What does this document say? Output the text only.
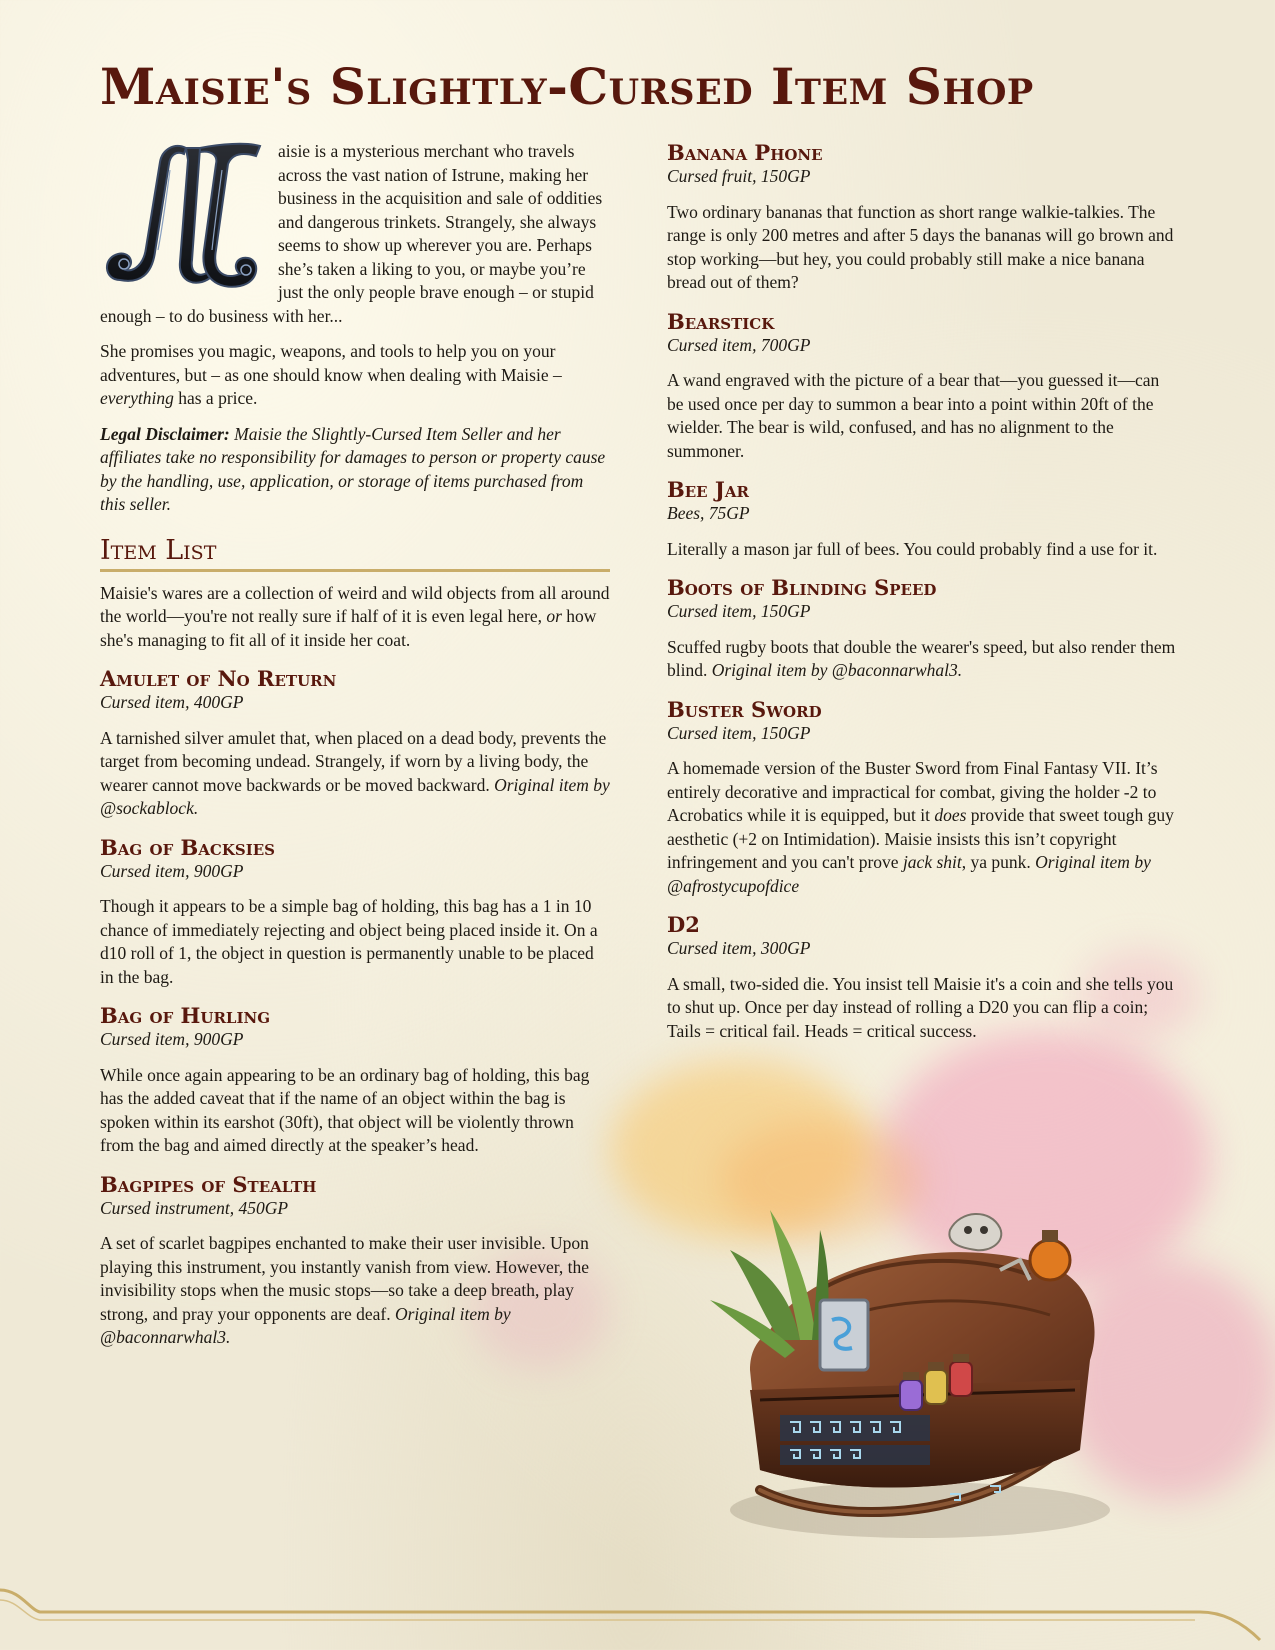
Maisie's Slightly-Cursed Item Shop

aisie is a mysterious merchant who travels across the vast nation of Istrune, making her business in the acquisition and sale of oddities and dangerous trinkets. Strangely, she always seems to show up wherever you are. Perhaps she’s taken a liking to you, or maybe you’re just the only people brave enough – or stupid enough – to do business with her...

She promises you magic, weapons, and tools to help you on your adventures, but – as one should know when dealing with Maisie – everything has a price.

Legal Disclaimer: Maisie the Slightly-Cursed Item Seller and her affiliates take no responsibility for damages to person or property cause by the handling, use, application, or storage of items purchased from this seller.

Item List

Maisie's wares are a collection of weird and wild objects from all around the world—you're not really sure if half of it is even legal here, or how she's managing to fit all of it inside her coat.

Amulet of No Return
Cursed item, 400GP

A tarnished silver amulet that, when placed on a dead body, prevents the target from becoming undead. Strangely, if worn by a living body, the wearer cannot move backwards or be moved backward. Original item by @sockablock.

Bag of Backsies
Cursed item, 900GP

Though it appears to be a simple bag of holding, this bag has a 1 in 10 chance of immediately rejecting and object being placed inside it. On a d10 roll of 1, the object in question is permanently unable to be placed in the bag.

Bag of Hurling
Cursed item, 900GP

While once again appearing to be an ordinary bag of holding, this bag has the added caveat that if the name of an object within the bag is spoken within its earshot (30ft), that object will be violently thrown from the bag and aimed directly at the speaker’s head.

Bagpipes of Stealth
Cursed instrument, 450GP

A set of scarlet bagpipes enchanted to make their user invisible. Upon playing this instrument, you instantly vanish from view. However, the invisibility stops when the music stops—so take a deep breath, play strong, and pray your opponents are deaf. Original item by @baconnarwhal3.

Banana Phone
Cursed fruit, 150GP

Two ordinary bananas that function as short range walkie-talkies. The range is only 200 metres and after 5 days the bananas will go brown and stop working—but hey, you could probably still make a nice banana bread out of them?

Bearstick
Cursed item, 700GP

A wand engraved with the picture of a bear that—you guessed it—can be used once per day to summon a bear into a point within 20ft of the wielder. The bear is wild, confused, and has no alignment to the summoner.

Bee Jar
Bees, 75GP

Literally a mason jar full of bees. You could probably find a use for it.

Boots of Blinding Speed
Cursed item, 150GP

Scuffed rugby boots that double the wearer's speed, but also render them blind. Original item by @baconnarwhal3.

Buster Sword
Cursed item, 150GP

A homemade version of the Buster Sword from Final Fantasy VII. It’s entirely decorative and impractical for combat, giving the holder -2 to Acrobatics while it is equipped, but it does provide that sweet tough guy aesthetic (+2 on Intimidation). Maisie insists this isn’t copyright infringement and you can't prove jack shit, ya punk. Original item by @afrostycupofdice

D2
Cursed item, 300GP

A small, two-sided die. You insist tell Maisie it's a coin and she tells you to shut up. Once per day instead of rolling a D20 you can flip a coin; Tails = critical fail. Heads = critical success.
